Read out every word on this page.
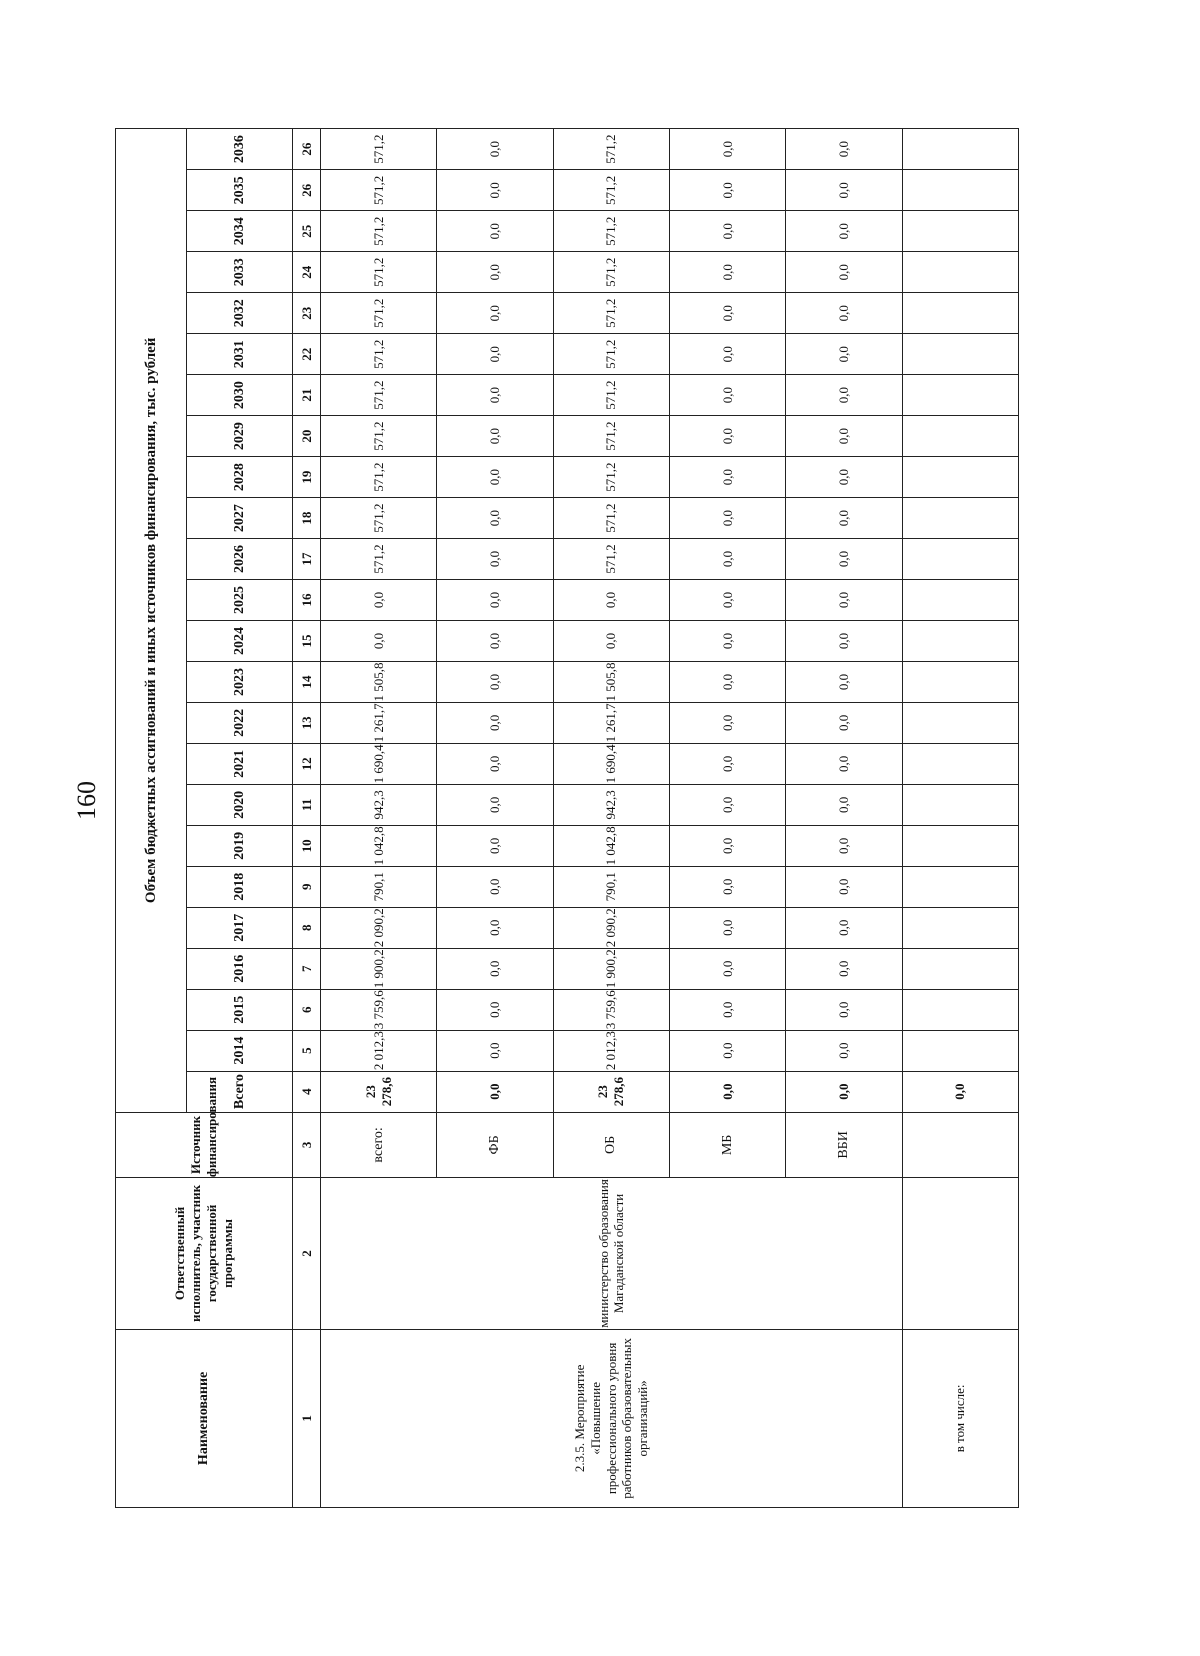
160
Наименование	Ответственный исполнитель, участник государственной программы	Источник финансирования	Объем бюджетных ассигнований и иных источников финансирования, тыс. рублей																							
			Всего	2014	2015	2016	2017	2018	2019	2020	2021	2022	2023	2024	2025	2026	2027	2028	2029	2030	2031	2032	2033	2034	2035	2036
1	2	3	4	5	6	7	8	9	10	11	12	13	14	15	16	17	18	19	20	21	22	23	24	25	26	26
2.3.5. Мероприятие «Повышение профессионального уровня работников образовательных организаций»	министерство образования Магаданской области	всего:	23 278,6	2 012,3	3 759,6	1 900,2	2 090,2	790,1	1 042,8	942,3	1 690,4	1 261,7	1 505,8	0,0	0,0	571,2	571,2	571,2	571,2	571,2	571,2	571,2	571,2	571,2	571,2	571,2
		ФБ	0,0	0,0	0,0	0,0	0,0	0,0	0,0	0,0	0,0	0,0	0,0	0,0	0,0	0,0	0,0	0,0	0,0	0,0	0,0	0,0	0,0	0,0	0,0	0,0
		ОБ	23 278,6	2 012,3	3 759,6	1 900,2	2 090,2	790,1	1 042,8	942,3	1 690,4	1 261,7	1 505,8	0,0	0,0	571,2	571,2	571,2	571,2	571,2	571,2	571,2	571,2	571,2	571,2	571,2
		МБ	0,0	0,0	0,0	0,0	0,0	0,0	0,0	0,0	0,0	0,0	0,0	0,0	0,0	0,0	0,0	0,0	0,0	0,0	0,0	0,0	0,0	0,0	0,0	0,0
		ВБИ	0,0	0,0	0,0	0,0	0,0	0,0	0,0	0,0	0,0	0,0	0,0	0,0	0,0	0,0	0,0	0,0	0,0	0,0	0,0	0,0	0,0	0,0	0,0	0,0
в том числе:			0,0																							
